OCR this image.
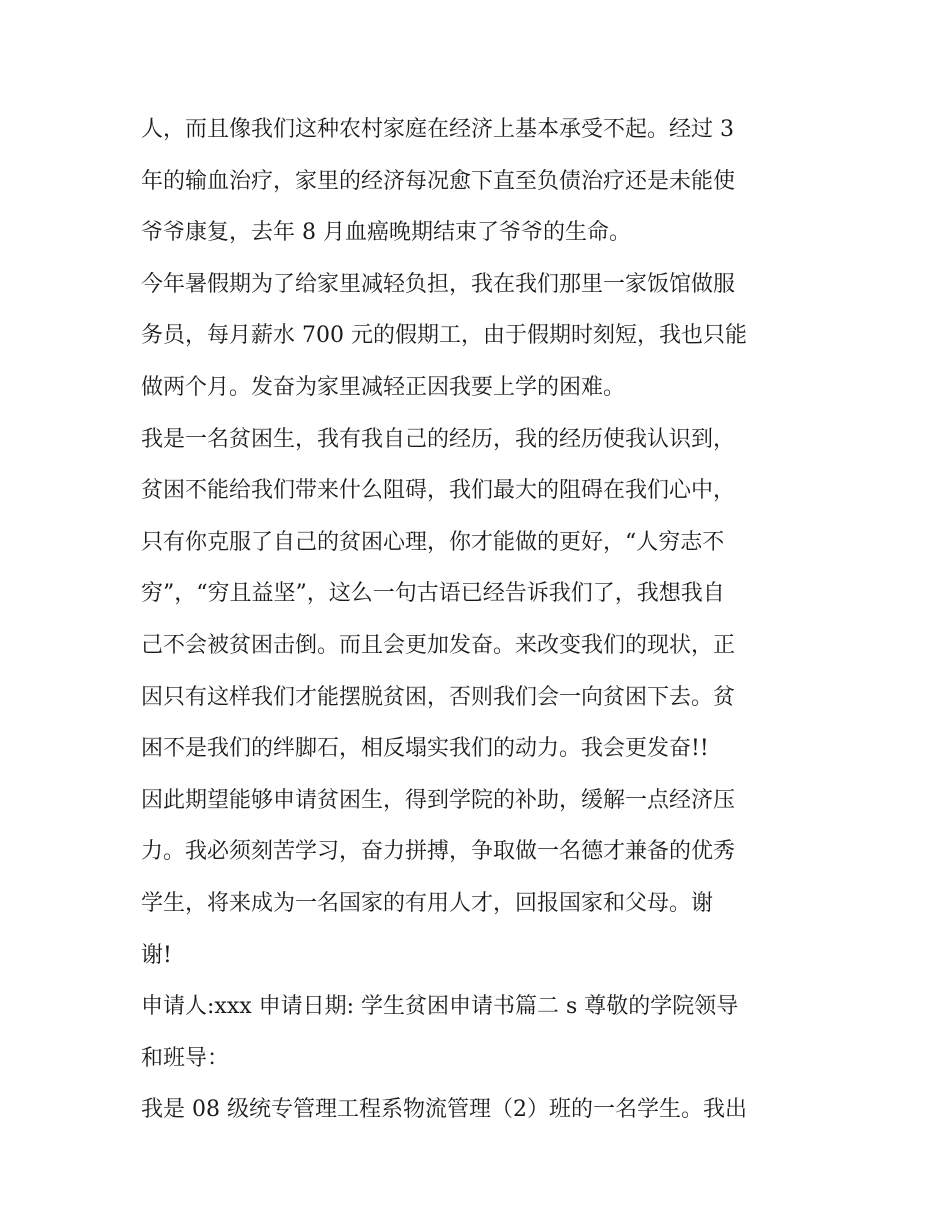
人，而且像我们这种农村家庭在经济上基本承受不起。经过 3
年的输血治疗，家里的经济每况愈下直至负债治疗还是未能使
爷爷康复，去年 8 月血癌晚期结束了爷爷的生命。
今年暑假期为了给家里减轻负担，我在我们那里一家饭馆做服
务员，每月薪水 700 元的假期工，由于假期时刻短，我也只能
做两个月。发奋为家里减轻正因我要上学的困难。
我是一名贫困生，我有我自己的经历，我的经历使我认识到，
贫困不能给我们带来什么阻碍，我们最大的阻碍在我们心中，
只有你克服了自己的贫困心理，你才能做的更好，“人穷志不
穷”，“穷且益坚”，这么一句古语已经告诉我们了，我想我自
己不会被贫困击倒。而且会更加发奋。来改变我们的现状，正
因只有这样我们才能摆脱贫困，否则我们会一向贫困下去。贫
困不是我们的绊脚石，相反塌实我们的动力。我会更发奋!!
因此期望能够申请贫困生，得到学院的补助，缓解一点经济压
力。我必须刻苦学习，奋力拼搏，争取做一名德才兼备的优秀
学生，将来成为一名国家的有用人才，回报国家和父母。谢
谢!
申请人:xxx 申请日期: 学生贫困申请书篇二 s 尊敬的学院领导
和班导：
我是 08 级统专管理工程系物流管理（2）班的一名学生。我出
